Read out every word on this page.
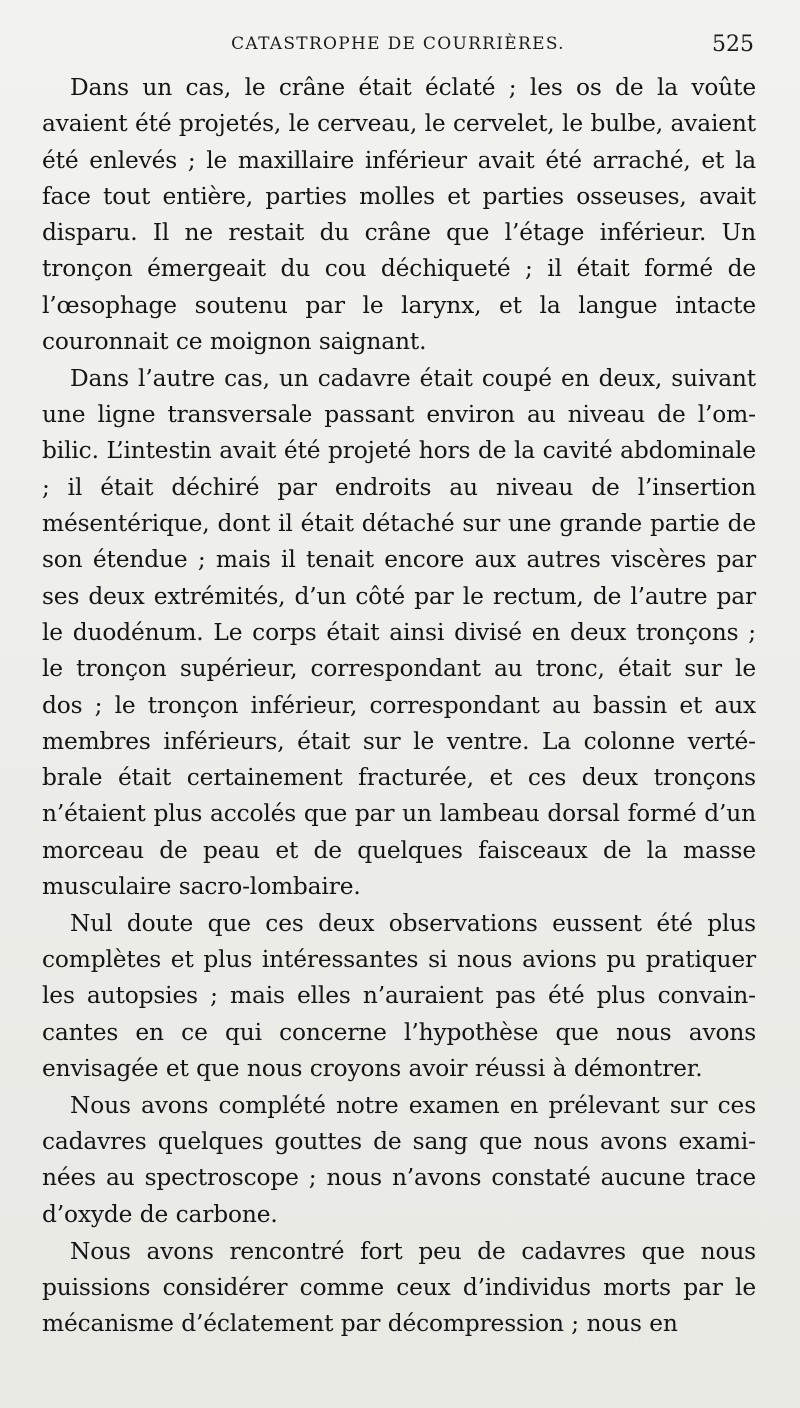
CATASTROPHE DE COURRIÈRES.	525

Dans un cas, le crâne était éclaté ; les os de la voûte avaient été projetés, le cerveau, le cervelet, le bulbe, avaient été enlevés ; le maxillaire inférieur avait été arraché, et la face tout entière, parties molles et parties osseuses, avait disparu. Il ne restait du crâne que l’étage inférieur. Un tronçon émergeait du cou déchiqueté ; il était formé de l’œsophage soutenu par le larynx, et la langue intacte couronnait ce moignon saignant.

Dans l’autre cas, un cadavre était coupé en deux, suivant une ligne transversale passant environ au niveau de l’ombilic. L’intestin avait été projeté hors de la cavité abdominale ; il était déchiré par endroits au niveau de l’insertion mésentérique, dont il était détaché sur une grande partie de son étendue ; mais il tenait encore aux autres viscères par ses deux extrémités, d’un côté par le rectum, de l’autre par le duodénum. Le corps était ainsi divisé en deux tronçons ; le tronçon supérieur, correspondant au tronc, était sur le dos ; le tronçon inférieur, correspondant au bassin et aux membres inférieurs, était sur le ventre. La colonne vertébrale était certainement fracturée, et ces deux tronçons n’étaient plus accolés que par un lambeau dorsal formé d’un morceau de peau et de quelques faisceaux de la masse musculaire sacro-lombaire.

Nul doute que ces deux observations eussent été plus complètes et plus intéressantes si nous avions pu pratiquer les autopsies ; mais elles n’auraient pas été plus convaincantes en ce qui concerne l’hypothèse que nous avons envisagée et que nous croyons avoir réussi à démontrer.

Nous avons complété notre examen en prélevant sur ces cadavres quelques gouttes de sang que nous avons examinées au spectroscope ; nous n’avons constaté aucune trace d’oxyde de carbone.

Nous avons rencontré fort peu de cadavres que nous puissions considérer comme ceux d’individus morts par le mécanisme d’éclatement par décompression ; nous en
